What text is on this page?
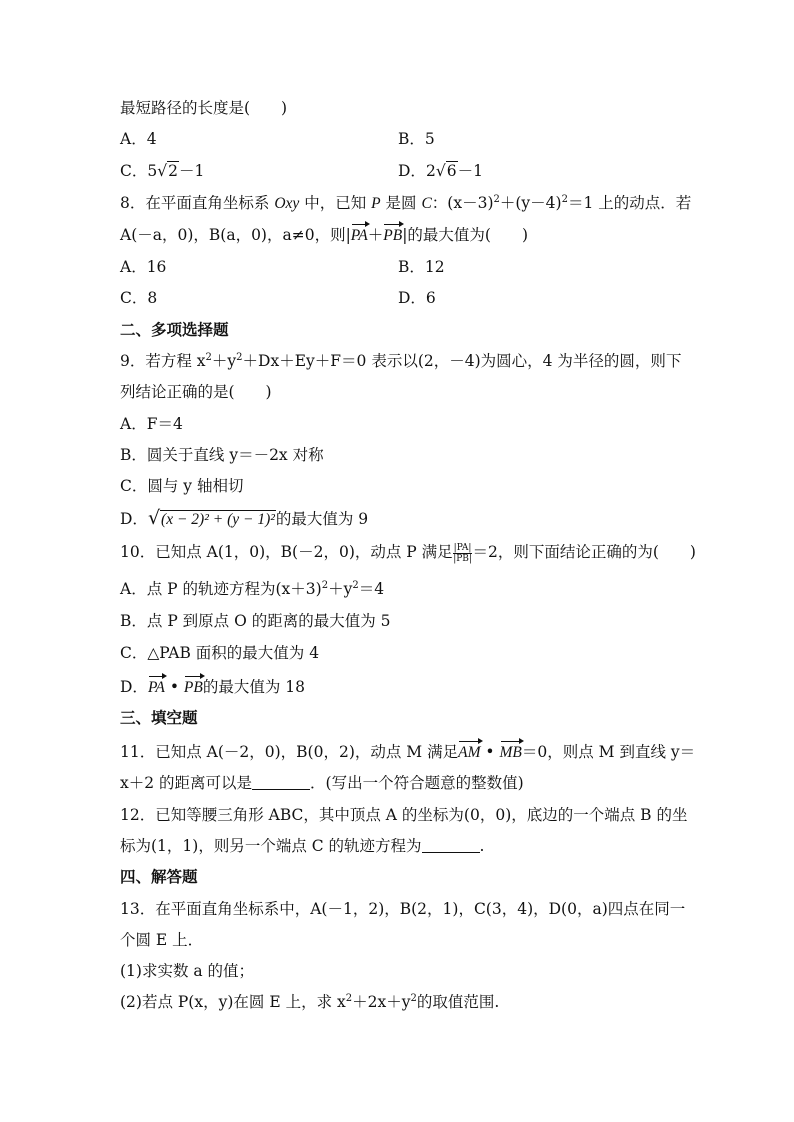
最短路径的长度是(　　)
A．4	B．5
C．5√2－1	D．2√6－1
8．在平面直角坐标系 Oxy 中，已知 P 是圆 C：$(x-3)^2+(y-4)^2=1$ 上的动点．若
A(－a，0)，B(a，0)，a≠0，则|PA＋PB|的最大值为(　　)
A．16	B．12
C．8	D．6
二、多项选择题
9．若方程 $x^2+y^2+Dx+Ey+F=0$ 表示以(2，－4)为圆心，4 为半径的圆，则下
列结论正确的是(　　)
A．F＝4
B．圆关于直线 y＝－2x 对称
C．圆与 y 轴相切
D．√(x − 2)² + (y − 1)²的最大值为 9
10．已知点 A(1，0)，B(－2，0)，动点 P 满足 $\frac{|PA|}{|PB|} =2$，则下面结论正确的为(　　)
A．点 P 的轨迹方程为$(x+3)^2+y^2=4$
B．点 P 到原点 O 的距离的最大值为 5
C．△PAB 面积的最大值为 4
D．PA • PB的最大值为 18
三、填空题
11．已知点 A(－2，0)，B(0，2)，动点 M 满足AM • MB＝0，则点 M 到直线 y＝
x＋2 的距离可以是	．(写出一个符合题意的整数值)
12．已知等腰三角形 ABC，其中顶点 A 的坐标为(0，0)，底边的一个端点 B 的坐
标为(1，1)，则另一个端点 C 的轨迹方程为	.
四、解答题
13．在平面直角坐标系中，A(－1，2)，B(2，1)，C(3，4)，D(0，a)四点在同一
个圆 E 上．
(1)求实数 a 的值；
(2)若点 P(x，y)在圆 E 上，求 $x^2+2x+y^2$的取值范围.
